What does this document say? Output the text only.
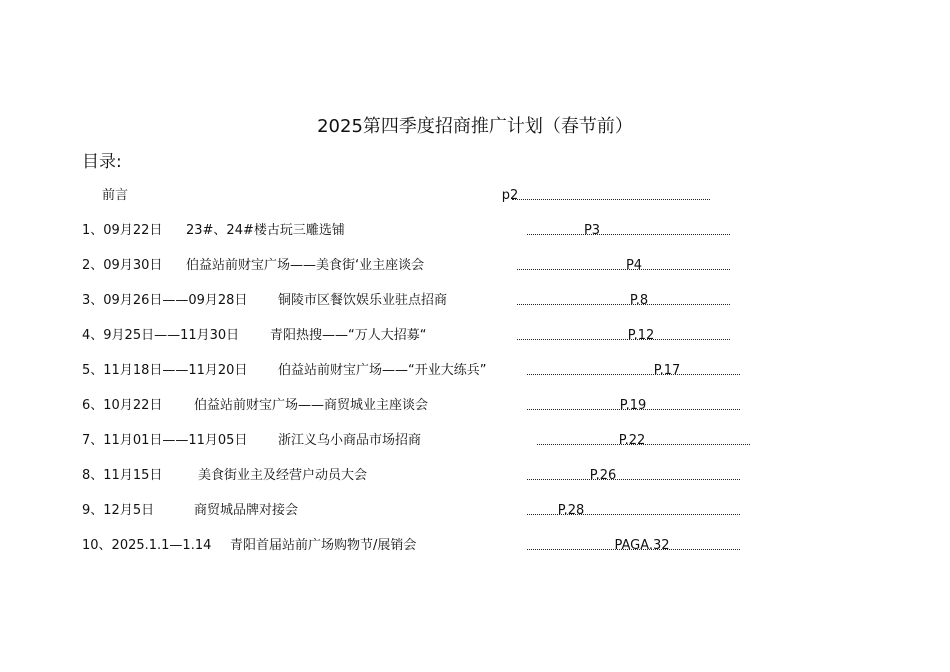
2025第四季度招商推广计划（春节前）
目录:
前言	p2
1、09月22日 23#、24#楼古玩三雕选铺	P3
2、09月30日 伯益站前财宝广场——美食街‘业主座谈会	P4
3、09月26日——09月28日 铜陵市区餐饮娱乐业驻点招商	P.8
4、9月25日——11月30日 青阳热搜——“万人大招募“	P.12
5、11月18日——11月20日 伯益站前财宝广场——“开业大练兵”	P.17
6、10月22日 伯益站前财宝广场——商贸城业主座谈会	P.19
7、11月01日——11月05日 浙江义乌小商品市场招商	P.22
8、11月15日	美食街业主及经营户动员大会	P.26
9、12月5日	商贸城品牌对接会	P.28
10、2025.1.1—1.14 青阳首届站前广场购物节/展销会	PAGA.32
